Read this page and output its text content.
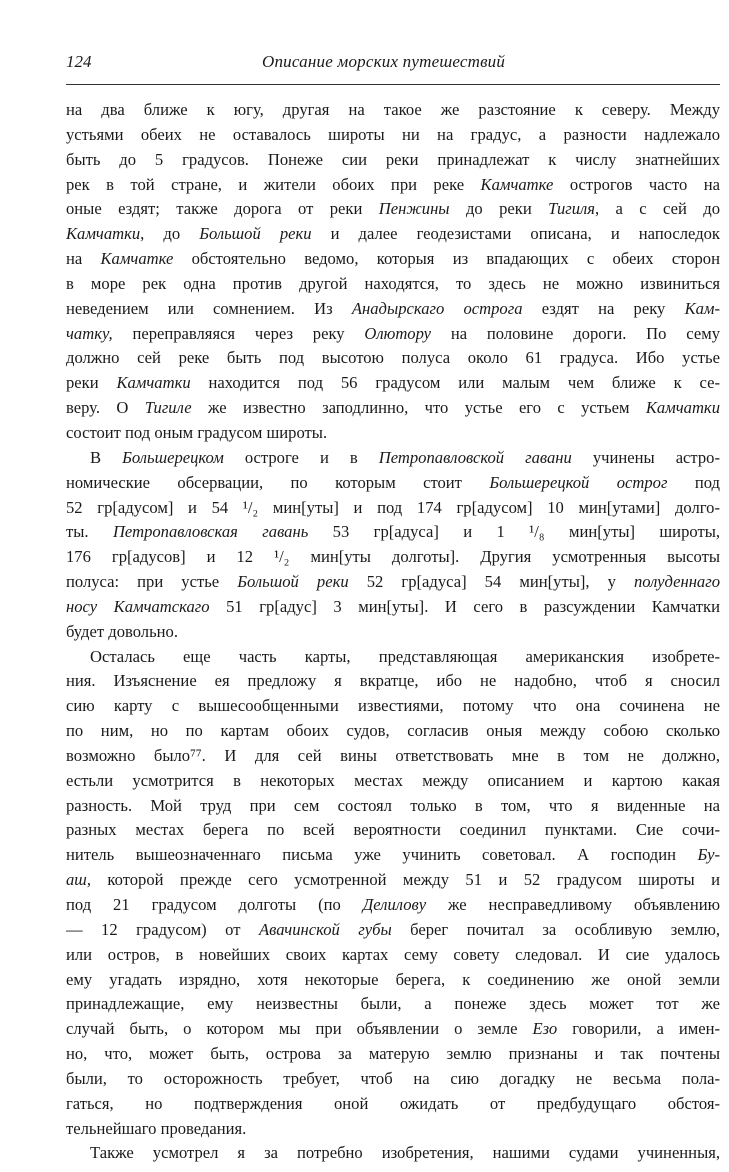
124	Описание морских путешествий
на два ближе к югу, другая на такое же разстояние к северу. Между
устьями обеих не оставалось широты ни на градус, а разности надлежало
быть до 5 градусов. Понеже сии реки принадлежат к числу знатнейших
рек в той стране, и жители обоих при реке Камчатке острогов часто на
оные ездят; также дорога от реки Пенжины до реки Тигиля, а с сей до
Камчатки, до Большой реки и далее геодезистами описана, и напоследок
на Камчатке обстоятельно ведомо, которыя из впадающих с обеих сторон
в море рек одна против другой находятся, то здесь не можно извиниться
неведением или сомнением. Из Анадырскаго острога ездят на реку Кам-
чатку, переправляяся через реку Олютору на половине дороги. По сему
должно сей реке быть под высотою полуса около 61 градуса. Ибо устье
реки Камчатки находится под 56 градусом или малым чем ближе к се-
веру. О Тигиле же известно заподлинно, что устье его с устьем Камчатки
состоит под оным градусом широты.
В Большерецком остроге и в Петропавловской гавани учинены астро-
номические обсервации, по которым стоит Большерецкой острог под
52 гр[адусом] и 54 ¹/₂ мин[уты] и под 174 гр[адусом] 10 мин[утами] долго-
ты. Петропавловская гавань 53 гр[адуса] и 1 ¹/₈ мин[уты] широты,
176 гр[адусов] и 12 ¹/₂ мин[уты долготы]. Другия усмотренныя высоты
полуса: при устье Большой реки 52 гр[адуса] 54 мин[уты], у полуденнаго
носу Камчатскаго 51 гр[адус] 3 мин[уты]. И сего в разсуждении Камчатки
будет довольно.
Осталась еще часть карты, представляющая американския изобрете-
ния. Изъяснение ея предложу я вкратце, ибо не надобно, чтоб я сносил
сию карту с вышесообщенными известиями, потому что она сочинена не
по ним, но по картам обоих судов, согласив оныя между собою сколько
возможно было⁷⁷. И для сей вины ответствовать мне в том не должно,
естьли усмотрится в некоторых местах между описанием и картою какая
разность. Мой труд при сем состоял только в том, что я виденные на
разных местах берега по всей вероятности соединил пунктами. Сие сочи-
нитель вышеозначеннаго письма уже учинить советовал. А господин Бу-
аш, которой прежде сего усмотренной между 51 и 52 градусом широты и
под 21 градусом долготы (по Делилову же несправедливому объявлению
— 12 градусом) от Авачинской губы берег почитал за особливую землю,
или остров, в новейших своих картах сему совету следовал. И сие удалось
ему угадать изрядно, хотя некоторые берега, к соединению же оной земли
принадлежащие, ему неизвестны были, а понеже здесь может тот же
случай быть, о котором мы при объявлении о земле Езо говорили, а имен-
но, что, может быть, острова за матерую землю признаны и так почтены
были, то осторожность требует, чтоб на сию догадку не весьма пола-
гаться, но подтверждения оной ожидать от предбудущаго обстоя-
тельнейшаго проведания.
Также усмотрел я за потребно изобретения, нашими судами учиненныя,
